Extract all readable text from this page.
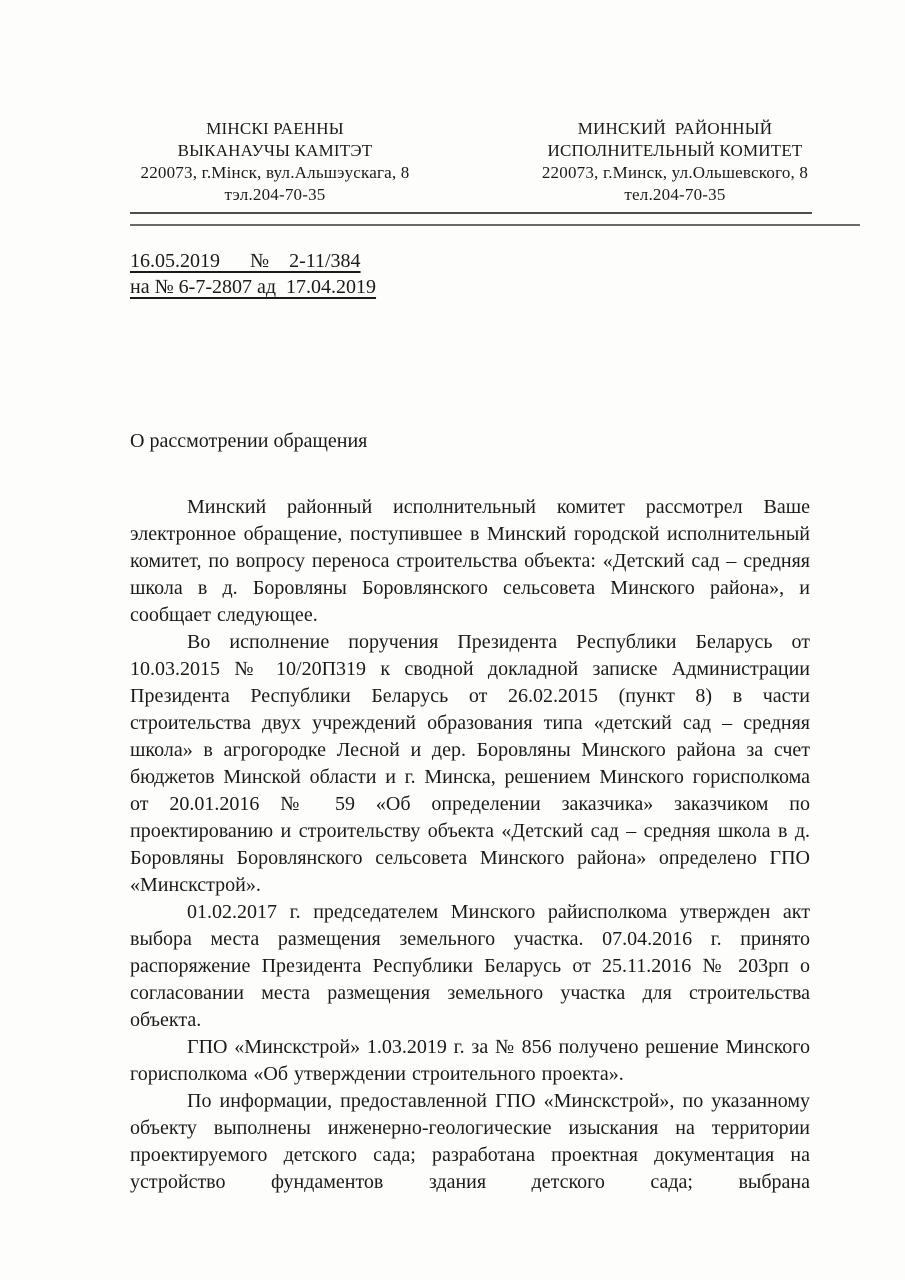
МІНСКІ РАЕННЫ
ВЫКАНАУЧЫ КАМІТЭТ
220073, г.Мінск, вул.Альшэускага, 8
тэл.204-70-35
МИНСКИЙ  РАЙОННЫЙ
ИСПОЛНИТЕЛЬНЫЙ КОМИТЕТ
220073, г.Минск, ул.Ольшевского, 8
тел.204-70-35
16.05.2019      №    2-11/384
на № 6-7-2807 ад  17.04.2019
О рассмотрении обращения

Минский районный исполнительный комитет рассмотрел Ваше электронное обращение, поступившее в Минский городской исполнительный комитет, по вопросу переноса строительства объекта: «Детский сад – средняя школа в д. Боровляны Боровлянского сельсовета Минского района», и сообщает следующее.

Во исполнение поручения Президента Республики Беларусь от 10.03.2015 № 10/20П319 к сводной докладной записке Администрации Президента Республики Беларусь от 26.02.2015 (пункт 8) в части строительства двух учреждений образования типа «детский сад – средняя школа» в агрогородке Лесной и дер. Боровляны Минского района за счет бюджетов Минской области и г. Минска, решением Минского горисполкома от 20.01.2016 № 59 «Об определении заказчика» заказчиком по проектированию и строительству объекта «Детский сад – средняя школа в д. Боровляны Боровлянского сельсовета Минского района» определено ГПО «Минскстрой».

01.02.2017 г. председателем Минского райисполкома утвержден акт выбора места размещения земельного участка. 07.04.2016 г. принято распоряжение Президента Республики Беларусь от 25.11.2016 № 203рп о согласовании места размещения земельного участка для строительства объекта.

ГПО «Минскстрой» 1.03.2019 г. за № 856 получено решение Минского горисполкома «Об утверждении строительного проекта».

По информации, предоставленной ГПО «Минскстрой», по указанному объекту выполнены инженерно-геологические изыскания на территории проектируемого детского сада; разработана проектная документация на устройство фундаментов здания детского сада; выбрана
